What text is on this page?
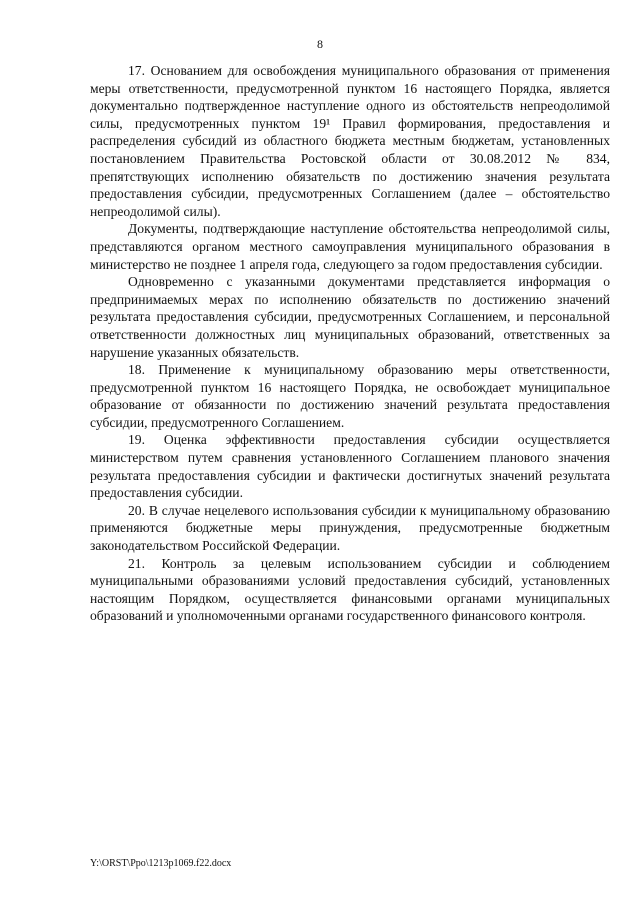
8

17. Основанием для освобождения муниципального образования от применения меры ответственности, предусмотренной пунктом 16 настоящего Порядка, является документально подтвержденное наступление одного из обстоятельств непреодолимой силы, предусмотренных пунктом 19¹ Правил формирования, предоставления и распределения субсидий из областного бюджета местным бюджетам, установленных постановлением Правительства Ростовской области от 30.08.2012 № 834, препятствующих исполнению обязательств по достижению значения результата предоставления субсидии, предусмотренных Соглашением (далее – обстоятельство непреодолимой силы).

Документы, подтверждающие наступление обстоятельства непреодолимой силы, представляются органом местного самоуправления муниципального образования в министерство не позднее 1 апреля года, следующего за годом предоставления субсидии.

Одновременно с указанными документами представляется информация о предпринимаемых мерах по исполнению обязательств по достижению значений результата предоставления субсидии, предусмотренных Соглашением, и персональной ответственности должностных лиц муниципальных образований, ответственных за нарушение указанных обязательств.

18. Применение к муниципальному образованию меры ответственности, предусмотренной пунктом 16 настоящего Порядка, не освобождает муниципальное образование от обязанности по достижению значений результата предоставления субсидии, предусмотренного Соглашением.

19. Оценка эффективности предоставления субсидии осуществляется министерством путем сравнения установленного Соглашением планового значения результата предоставления субсидии и фактически достигнутых значений результата предоставления субсидии.

20. В случае нецелевого использования субсидии к муниципальному образованию применяются бюджетные меры принуждения, предусмотренные бюджетным законодательством Российской Федерации.

21. Контроль за целевым использованием субсидии и соблюдением муниципальными образованиями условий предоставления субсидий, установленных настоящим Порядком, осуществляется финансовыми органами муниципальных образований и уполномоченными органами государственного финансового контроля.

Y:\ORST\Ppo\1213p1069.f22.docx
